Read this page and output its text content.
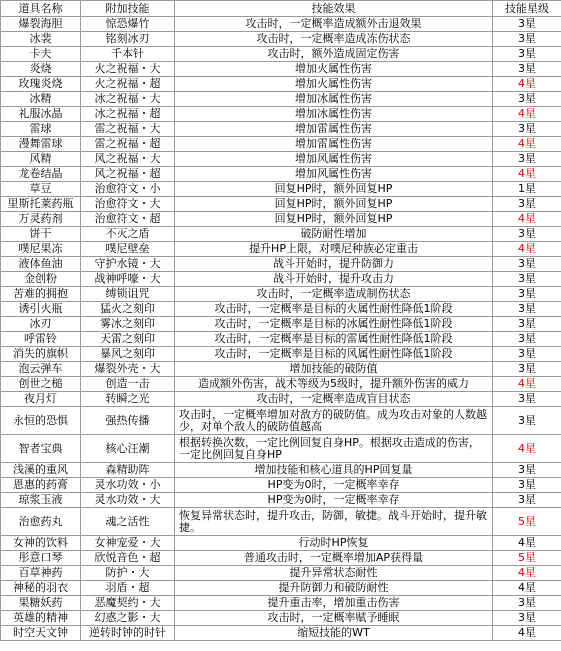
道具名称	附加技能	技能效果	技能星级
爆裂海胆	惊恐爆竹	攻击时，一定概率造成额外击退效果	3星
冰裴	铭刻冰刃	攻击时，一定概率造成冻伤状态	3星
卡夫	千本针	攻击时，额外造成固定伤害	3星
炎烧	火之祝福・大	增加火属性伤害	3星
玫瑰炎烧	火之祝福・超	增加火属性伤害	4星
冰精	冰之祝福・大	增加冰属性伤害	3星
礼服冰晶	冰之祝福・超	增加冰属性伤害	4星
雷球	雷之祝福・大	增加雷属性伤害	3星
漫舞雷球	雷之祝福・超	增加雷属性伤害	4星
风精	风之祝福・大	增加风属性伤害	3星
龙卷结晶	风之祝福・超	增加风属性伤害	4星
草豆	治愈符文・小	回复HP时，额外回复HP	1星
里斯托莱药瓶	治愈符文・大	回复HP时，额外回复HP	3星
万灵药剂	治愈符文・超	回复HP时，额外回复HP	4星
饼干	不灭之盾	破防耐性增加	3星
噗尼果冻	噗尼壁垒	提升HP上限，对噗尼种族必定重击	4星
液体鱼油	守护水镜・大	战斗开始时，提升防御力	3星
金创粉	战神呼嚎・大	战斗开始时，提升攻击力	3星
苦难的拥抱	缚锁诅咒	攻击时，一定概率造成制伤状态	3星
诱引火瓶	猛火之刻印	攻击时，一定概率是目标的火属性耐性降低1阶段	3星
冰刃	雾冰之刻印	攻击时，一定概率是目标的冰属性耐性降低1阶段	3星
呼雷铃	天雷之刻印	攻击时，一定概率是目标的雷属性耐性降低1阶段	3星
消失的旗帜	暴风之刻印	攻击时，一定概率是目标的风属性耐性降低1阶段	3星
泡云弹车	爆裂外壳・大	增加技能的破防值	3星
创世之槌	创造一击	造成额外伤害，战术等级为5级时，提升额外伤害的威力	4星
夜月灯	转瞬之光	攻击时，一定概率造成盲目状态	3星
永恒的恐惧	强热传播	攻击时，一定概率增加对敌方的破防值。成为攻击对象的人数越少，对单个敌人的破防值越高	3星
智者宝典	核心汪潮	根据转换次数，一定比例回复自身HP。根据攻击造成的伤害，一定比例回复自身HP	4星
浅溪的重风	森精助阵	增加技能和核心道具的HP回复量	3星
恩惠的药膏	灵水功效・小	HP变为0时，一定概率幸存	3星
琼浆玉液	灵水功效・大	HP变为0时，一定概率幸存	3星
治愈药丸	魂之活性	恢复异常状态时，提升攻击，防御，敏捷。战斗开始时，提升敏捷。	5星
女神的饮料	女神宠爱・大	行动时HP恢复	4星
彤意口琴	欣悦音色・超	普通攻击时，一定概率增加AP获得量	5星
百草神药	防护・大	提升异常状态耐性	4星
神秘的羽衣	羽盾・超	提升防御力和破防耐性	4星
果糖妖药	恶魔契约・大	提升重击率，增加重击伤害	3星
英雄的精神	幻惑之影・大	攻击时，一定概率赋予睡眠	3星
时空天文钟	逆转时钟的时针	缩短技能的WT	4星
